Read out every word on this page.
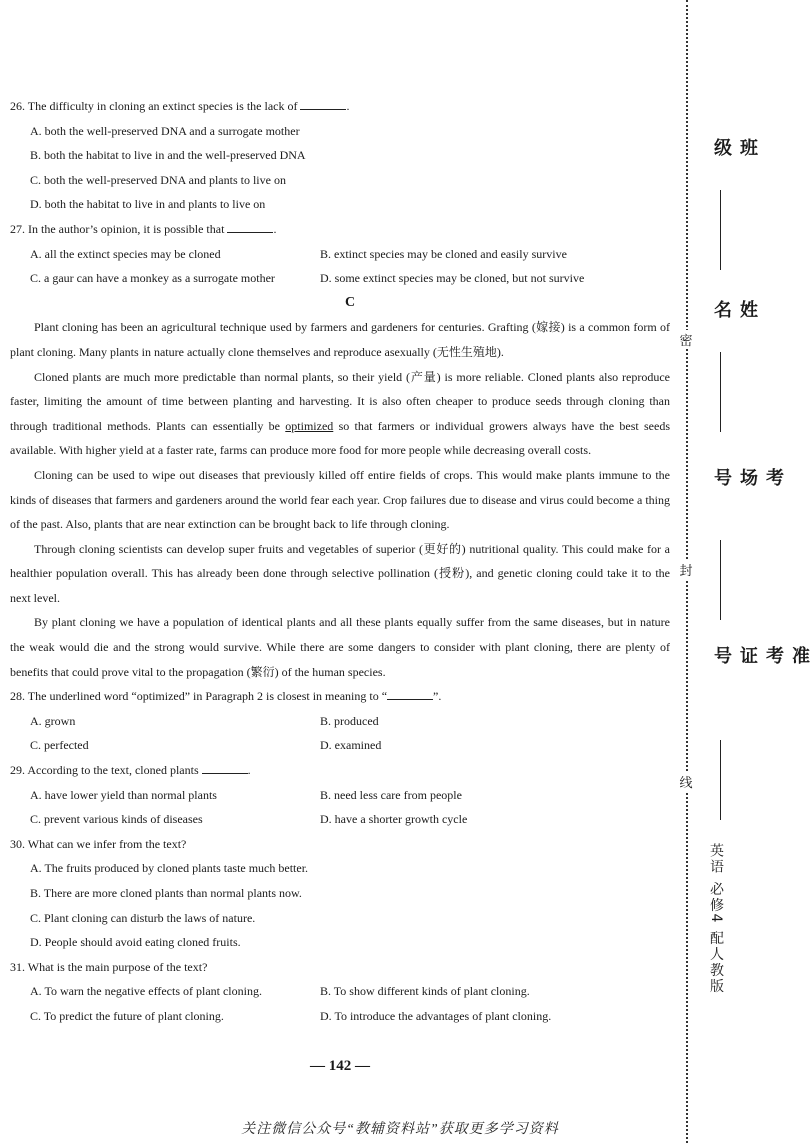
26. The difficulty in cloning an extinct species is the lack of	.

A. both the well-preserved DNA and a surrogate mother

B. both the habitat to live in and the well-preserved DNA

C. both the well-preserved DNA and plants to live on

D. both the habitat to live in and plants to live on

27. In the author’s opinion, it is possible that	.

A. all the extinct species may be cloned	B. extinct species may be cloned and easily survive
C. a gaur can have a monkey as a surrogate mother	D. some extinct species may be cloned, but not survive

C

Plant cloning has been an agricultural technique used by farmers and gardeners for centuries. Grafting (嫁接) is a common form of plant cloning. Many plants in nature actually clone themselves and reproduce asexually (无性生殖地).

Cloned plants are much more predictable than normal plants, so their yield (产量) is more reliable. Cloned plants also reproduce faster, limiting the amount of time between planting and harvesting. It is also often cheaper to produce seeds through cloning than through traditional methods. Plants can essentially be optimized so that farmers or individual growers always have the best seeds available. With higher yield at a faster rate, farms can produce more food for more people while decreasing overall costs.

Cloning can be used to wipe out diseases that previously killed off entire fields of crops. This would make plants immune to the kinds of diseases that farmers and gardeners around the world fear each year. Crop failures due to disease and virus could become a thing of the past. Also, plants that are near extinction can be brought back to life through cloning.

Through cloning scientists can develop super fruits and vegetables of superior (更好的) nutritional quality. This could make for a healthier population overall. This has already been done through selective pollination (授粉), and genetic cloning could take it to the next level.

By plant cloning we have a population of identical plants and all these plants equally suffer from the same diseases, but in nature the weak would die and the strong would survive. While there are some dangers to consider with plant cloning, there are plenty of benefits that could prove vital to the propagation (繁衍) of the human species.

28. The underlined word “optimized” in Paragraph 2 is closest in meaning to “	”.

A. grown	B. produced
C. perfected	D. examined

29. According to the text, cloned plants	.

A. have lower yield than normal plants	B. need less care from people
C. prevent various kinds of diseases	D. have a shorter growth cycle

30. What can we infer from the text?

A. The fruits produced by cloned plants taste much better.

B. There are more cloned plants than normal plants now.

C. Plant cloning can disturb the laws of nature.

D. People should avoid eating cloned fruits.

31. What is the main purpose of the text?

A. To warn the negative effects of plant cloning.	B. To show different kinds of plant cloning.
C. To predict the future of plant cloning.	D. To introduce the advantages of plant cloning.
— 142 —
关注微信公众号“教辅资料站”获取更多学习资料
密
封
线
班级
姓名
考场号
准考证号
英语 必修4 配人教版
